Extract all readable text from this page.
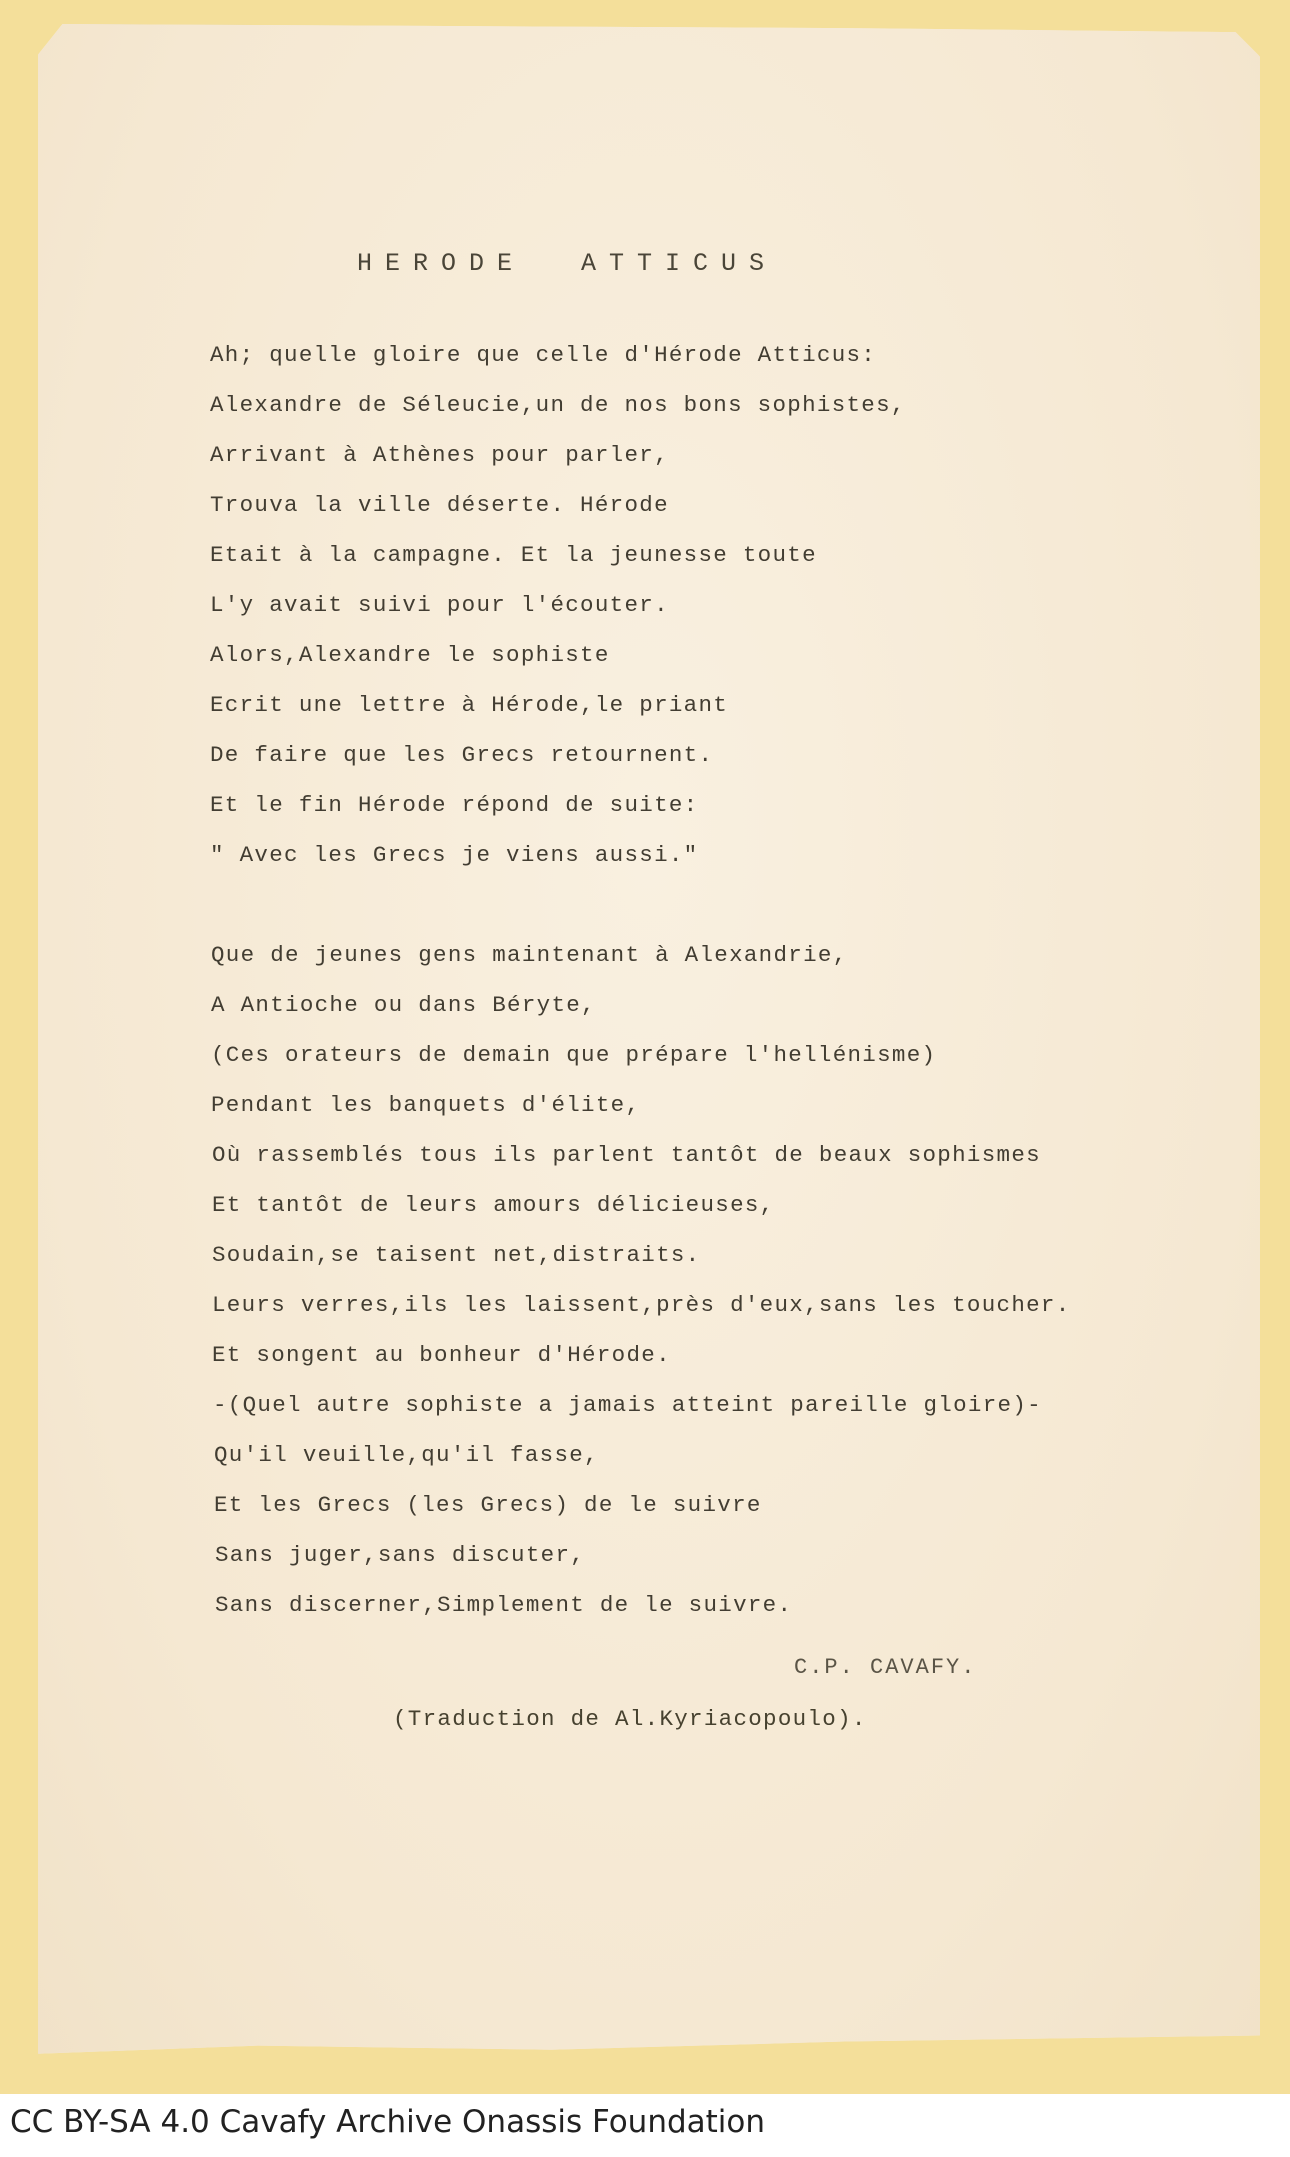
HERODE  ATTICUS
Ah; quelle gloire que celle d'Hérode Atticus:
Alexandre de Séleucie,un de nos bons sophistes,
Arrivant à Athènes pour parler,
Trouva la ville déserte. Hérode
Etait à la campagne. Et la jeunesse toute
L'y avait suivi pour l'écouter.
Alors,Alexandre le sophiste
Ecrit une lettre à Hérode,le priant
De faire que les Grecs retournent.
Et le fin Hérode répond de suite:
" Avec les Grecs je viens aussi."
Que de jeunes gens maintenant à Alexandrie,
A Antioche ou dans Béryte,
(Ces orateurs de demain que prépare l'hellénisme)
Pendant les banquets d'élite,
Où rassemblés tous ils parlent tantôt de beaux sophismes
Et tantôt de leurs amours délicieuses,
Soudain,se taisent net,distraits.
Leurs verres,ils les laissent,près d'eux,sans les toucher.
Et songent au bonheur d'Hérode.
-(Quel autre sophiste a jamais atteint pareille gloire)-
Qu'il veuille,qu'il fasse,
Et les Grecs (les Grecs) de le suivre
Sans juger,sans discuter,
Sans discerner,Simplement de le suivre.
C.P. CAVAFY.
(Traduction de Al.Kyriacopoulo).
CC BY-SA 4.0 Cavafy Archive Onassis Foundation
